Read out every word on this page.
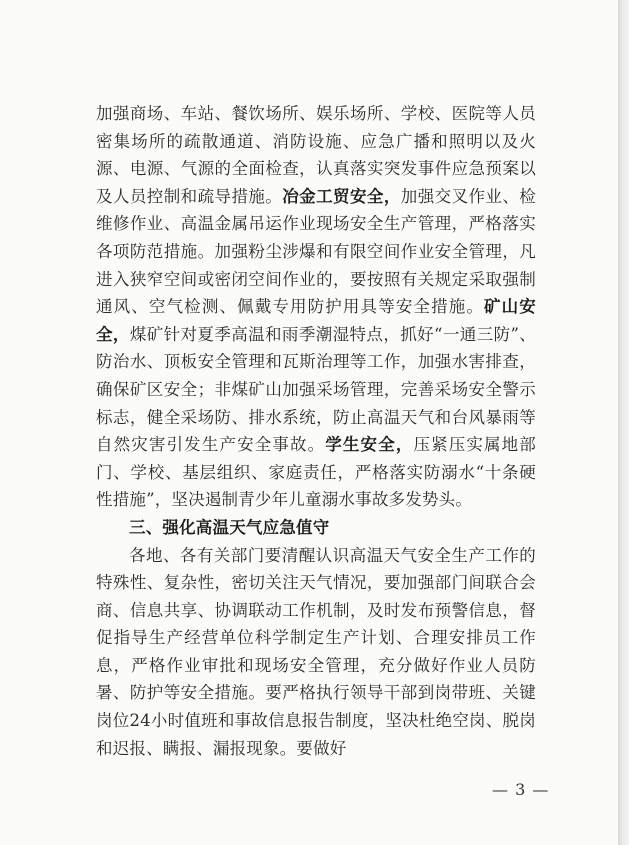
加强商场、车站、餐饮场所、娱乐场所、学校、医院等人员密集场所的疏散通道、消防设施、应急广播和照明以及火源、电源、气源的全面检查，认真落实突发事件应急预案以及人员控制和疏导措施。冶金工贸安全，加强交叉作业、检维修作业、高温金属吊运作业现场安全生产管理，严格落实各项防范措施。加强粉尘涉爆和有限空间作业安全管理，凡进入狭窄空间或密闭空间作业的，要按照有关规定采取强制通风、空气检测、佩戴专用防护用具等安全措施。矿山安全，煤矿针对夏季高温和雨季潮湿特点，抓好“一通三防”、防治水、顶板安全管理和瓦斯治理等工作，加强水害排查，确保矿区安全；非煤矿山加强采场管理，完善采场安全警示标志，健全采场防、排水系统，防止高温天气和台风暴雨等自然灾害引发生产安全事故。学生安全，压紧压实属地部门、学校、基层组织、家庭责任，严格落实防溺水“十条硬性措施”，坚决遏制青少年儿童溺水事故多发势头。

三、强化高温天气应急值守

各地、各有关部门要清醒认识高温天气安全生产工作的特殊性、复杂性，密切关注天气情况，要加强部门间联合会商、信息共享、协调联动工作机制，及时发布预警信息，督促指导生产经营单位科学制定生产计划、合理安排员工作息，严格作业审批和现场安全管理，充分做好作业人员防暑、防护等安全措施。要严格执行领导干部到岗带班、关键岗位24小时值班和事故信息报告制度，坚决杜绝空岗、脱岗和迟报、瞒报、漏报现象。要做好

— 3 —
